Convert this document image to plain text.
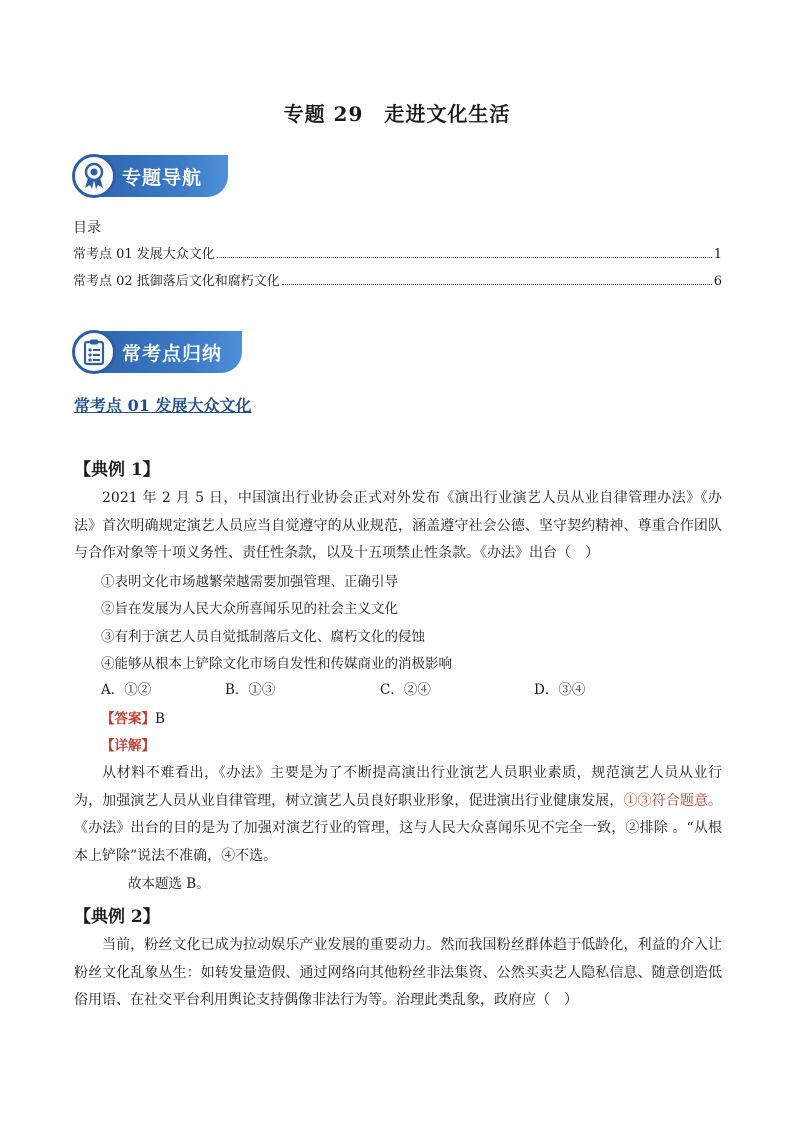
专题 29　走进文化生活
专题导航
目录
常考点 01 发展大众文化	1
常考点 02 抵御落后文化和腐朽文化	6
常考点归纳
常考点 01 发展大众文化
【典例 1】

2021 年 2 月 5 日，中国演出行业协会正式对外发布《演出行业演艺人员从业自律管理办法》《办法》首次明确规定演艺人员应当自觉遵守的从业规范，涵盖遵守社会公德、坚守契约精神、尊重合作团队与合作对象等十项义务性、责任性条款，以及十五项禁止性条款。《办法》出台（　）

①表明文化市场越繁荣越需要加强管理、正确引导
②旨在发展为人民大众所喜闻乐见的社会主义文化
③有利于演艺人员自觉抵制落后文化、腐朽文化的侵蚀
④能够从根本上铲除文化市场自发性和传媒商业的消极影响
A．①②	B．①③	C．②④	D．③④
【答案】B
【详解】

从材料不难看出，《办法》主要是为了不断提高演出行业演艺人员职业素质，规范演艺人员从业行为，加强演艺人员从业自律管理，树立演艺人员良好职业形象，促进演出行业健康发展，①③符合题意。《办法》出台的目的是为了加强对演艺行业的管理，这与人民大众喜闻乐见不完全一致，②排除 。“从根本上铲除”说法不准确，④不选。

故本题选 B。
【典例 2】

当前，粉丝文化已成为拉动娱乐产业发展的重要动力。然而我国粉丝群体趋于低龄化，利益的介入让粉丝文化乱象丛生：如转发量造假、通过网络向其他粉丝非法集资、公然买卖艺人隐私信息、随意创造低俗用语、在社交平台利用舆论支持偶像非法行为等。治理此类乱象，政府应（　）
